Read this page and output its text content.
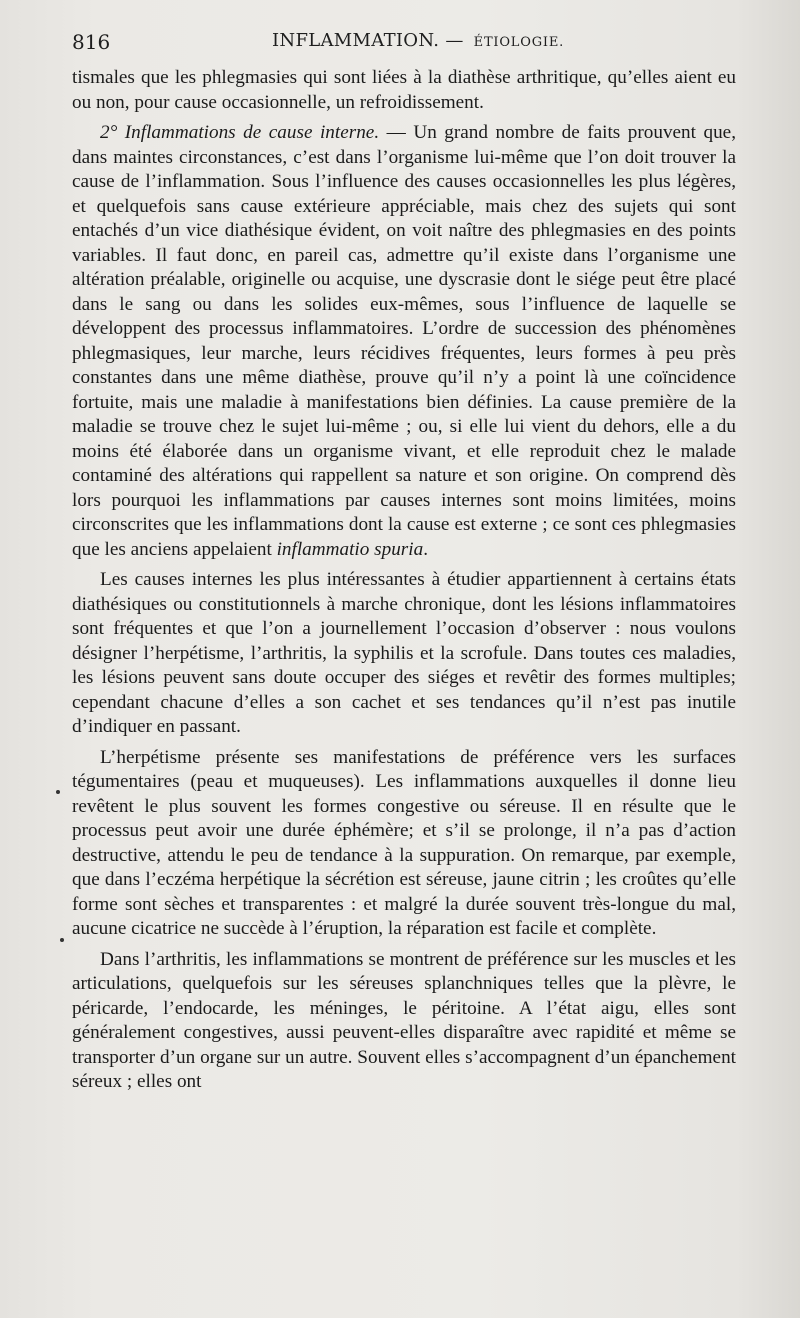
816	INFLAMMATION. — ÉTIOLOGIE.

tismales que les phlegmasies qui sont liées à la diathèse arthritique, qu’elles aient eu ou non, pour cause occasionnelle, un refroidissement.

2° Inflammations de cause interne. — Un grand nombre de faits prouvent que, dans maintes circonstances, c’est dans l’organisme lui-même que l’on doit trouver la cause de l’inflammation. Sous l’influence des causes occasionnelles les plus légères, et quelquefois sans cause extérieure appréciable, mais chez des sujets qui sont entachés d’un vice diathésique évident, on voit naître des phlegmasies en des points variables. Il faut donc, en pareil cas, admettre qu’il existe dans l’organisme une altération préalable, originelle ou acquise, une dyscrasie dont le siége peut être placé dans le sang ou dans les solides eux-mêmes, sous l’influence de laquelle se développent des processus inflammatoires. L’ordre de succession des phénomènes phlegmasiques, leur marche, leurs récidives fréquentes, leurs formes à peu près constantes dans une même diathèse, prouve qu’il n’y a point là une coïncidence fortuite, mais une maladie à manifestations bien définies. La cause première de la maladie se trouve chez le sujet lui-même ; ou, si elle lui vient du dehors, elle a du moins été élaborée dans un organisme vivant, et elle reproduit chez le malade contaminé des altérations qui rappellent sa nature et son origine. On comprend dès lors pourquoi les inflammations par causes internes sont moins limitées, moins circonscrites que les inflammations dont la cause est externe ; ce sont ces phlegmasies que les anciens appelaient inflammatio spuria.

Les causes internes les plus intéressantes à étudier appartiennent à certains états diathésiques ou constitutionnels à marche chronique, dont les lésions inflammatoires sont fréquentes et que l’on a journellement l’occasion d’observer : nous voulons désigner l’herpétisme, l’arthritis, la syphilis et la scrofule. Dans toutes ces maladies, les lésions peuvent sans doute occuper des siéges et revêtir des formes multiples; cependant chacune d’elles a son cachet et ses tendances qu’il n’est pas inutile d’indiquer en passant.

L’herpétisme présente ses manifestations de préférence vers les surfaces tégumentaires (peau et muqueuses). Les inflammations auxquelles il donne lieu revêtent le plus souvent les formes congestive ou séreuse. Il en résulte que le processus peut avoir une durée éphémère; et s’il se prolonge, il n’a pas d’action destructive, attendu le peu de tendance à la suppuration. On remarque, par exemple, que dans l’eczéma herpétique la sécrétion est séreuse, jaune citrin ; les croûtes qu’elle forme sont sèches et transparentes : et malgré la durée souvent très-longue du mal, aucune cicatrice ne succède à l’éruption, la réparation est facile et complète.

Dans l’arthritis, les inflammations se montrent de préférence sur les muscles et les articulations, quelquefois sur les séreuses splanchniques telles que la plèvre, le péricarde, l’endocarde, les méninges, le péritoine. A l’état aigu, elles sont généralement congestives, aussi peuvent-elles disparaître avec rapidité et même se transporter d’un organe sur un autre. Souvent elles s’accompagnent d’un épanchement séreux ; elles ont
